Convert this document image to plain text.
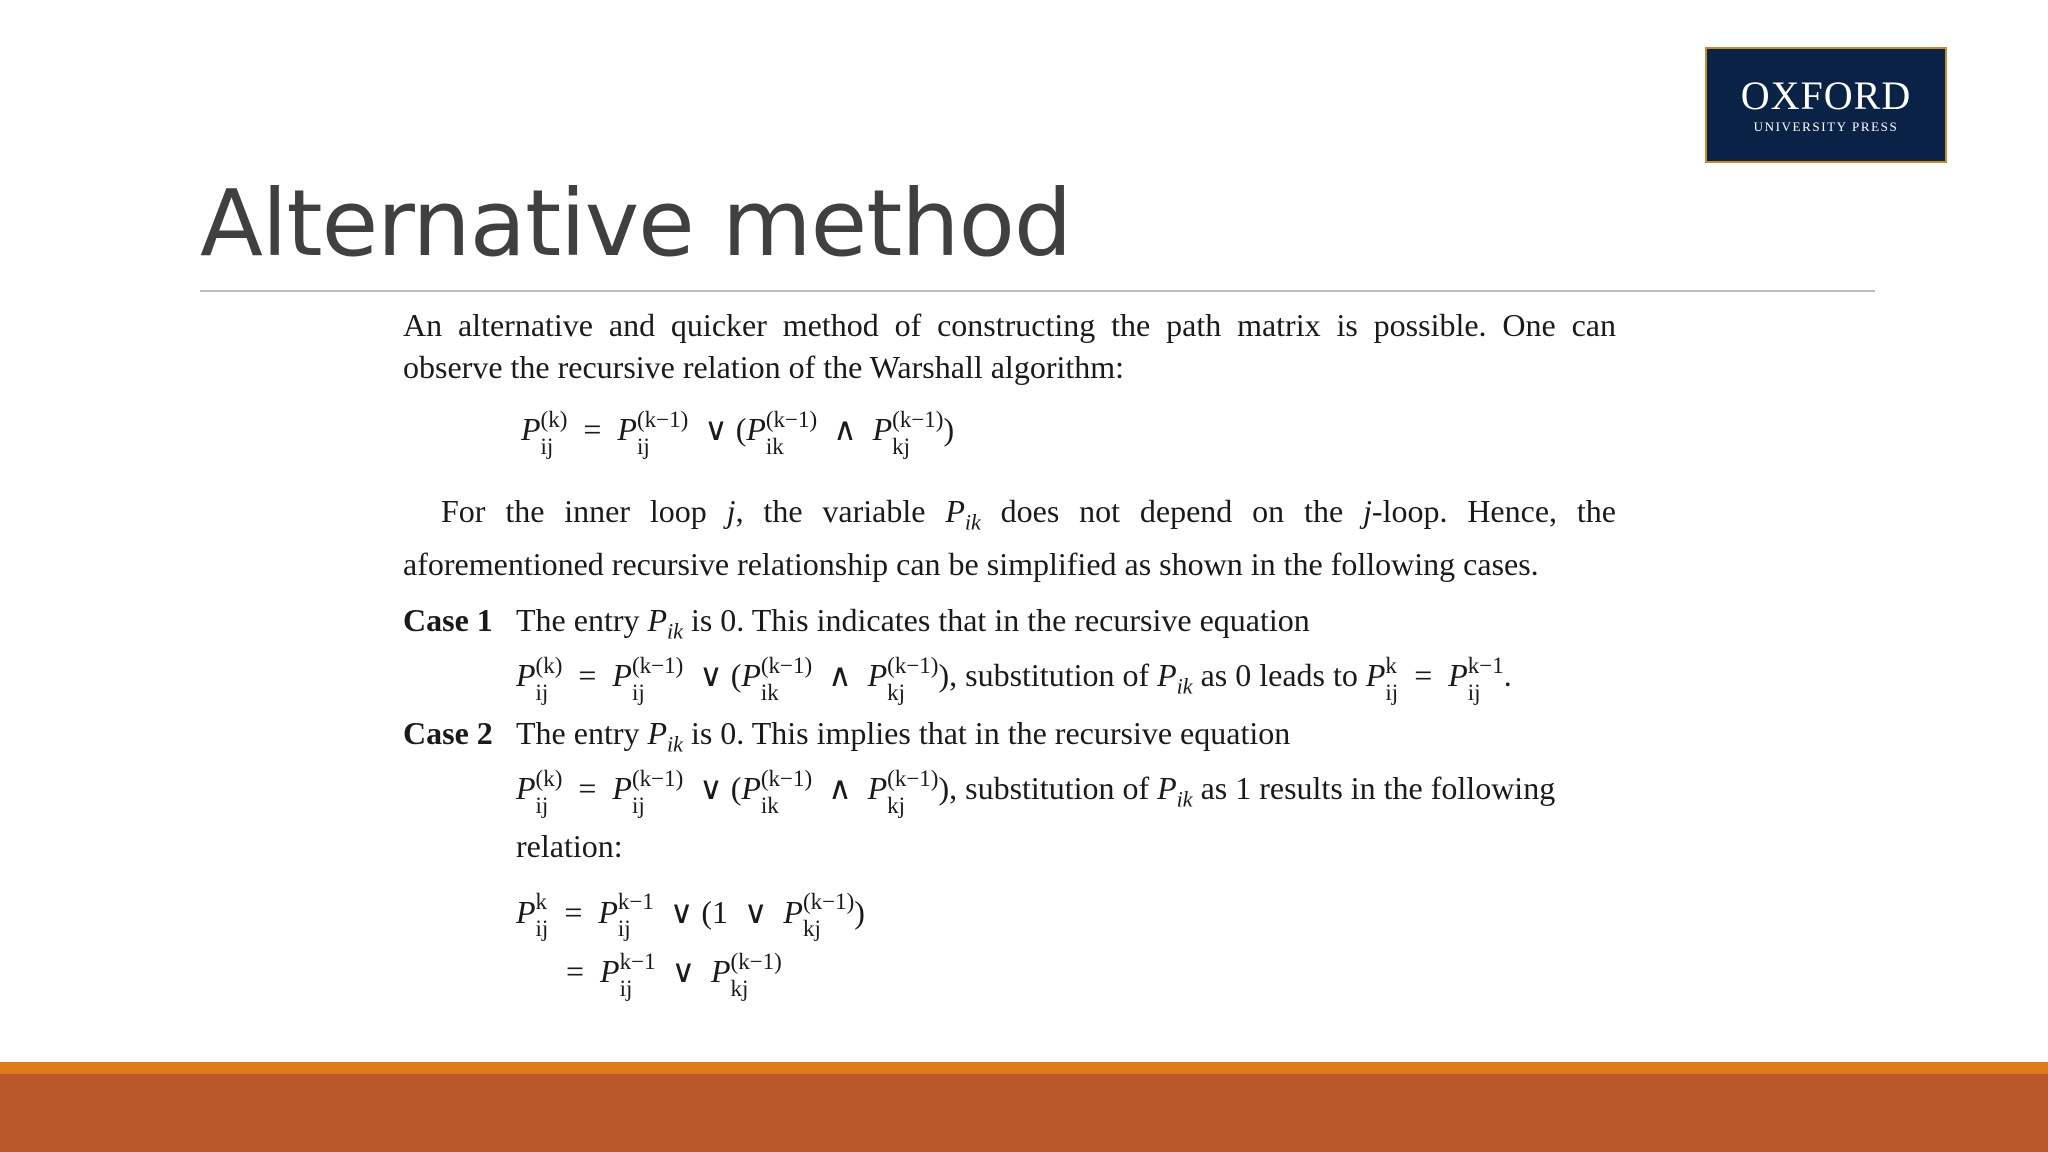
Alternative method
OXFORD
UNIVERSITY PRESS

An alternative and quicker method of constructing the path matrix is possible. One can observe the recursive relation of the Warshall algorithm:

P (k)
ij = P (k−1)
ij	∨ (P (k−1)
ik	∧ P (k−1)
kj	)

For the inner loop j, the variable $P_{ik}$ does not depend on the j-loop. Hence, the aforementioned recursive relationship can be simplified as shown in the following cases.

Case 1 The entry $P_{ik}$ is 0. This indicates that in the recursive equation

P (k)
ij = P (k−1)
ij	∨ (P (k−1)
ik	∧ P (k−1)
kj	), substitution of $P_{ik}$ as 0 leads to P k
ij = P k−1
ij .
Case 2 The entry $P_{ik}$ is 0. This implies that in the recursive equation

P (k)
ij = P (k−1)
ij	∨ (P (k−1)
ik	∧ P (k−1)
kj	), substitution of $P_{ik}$ as 1 results in the following relation:
P k
ij = P k−1
ij	∨ (1 ∨ P (k−1)
kj	)
= P k−1
ij	∨ P (k−1)
kj
